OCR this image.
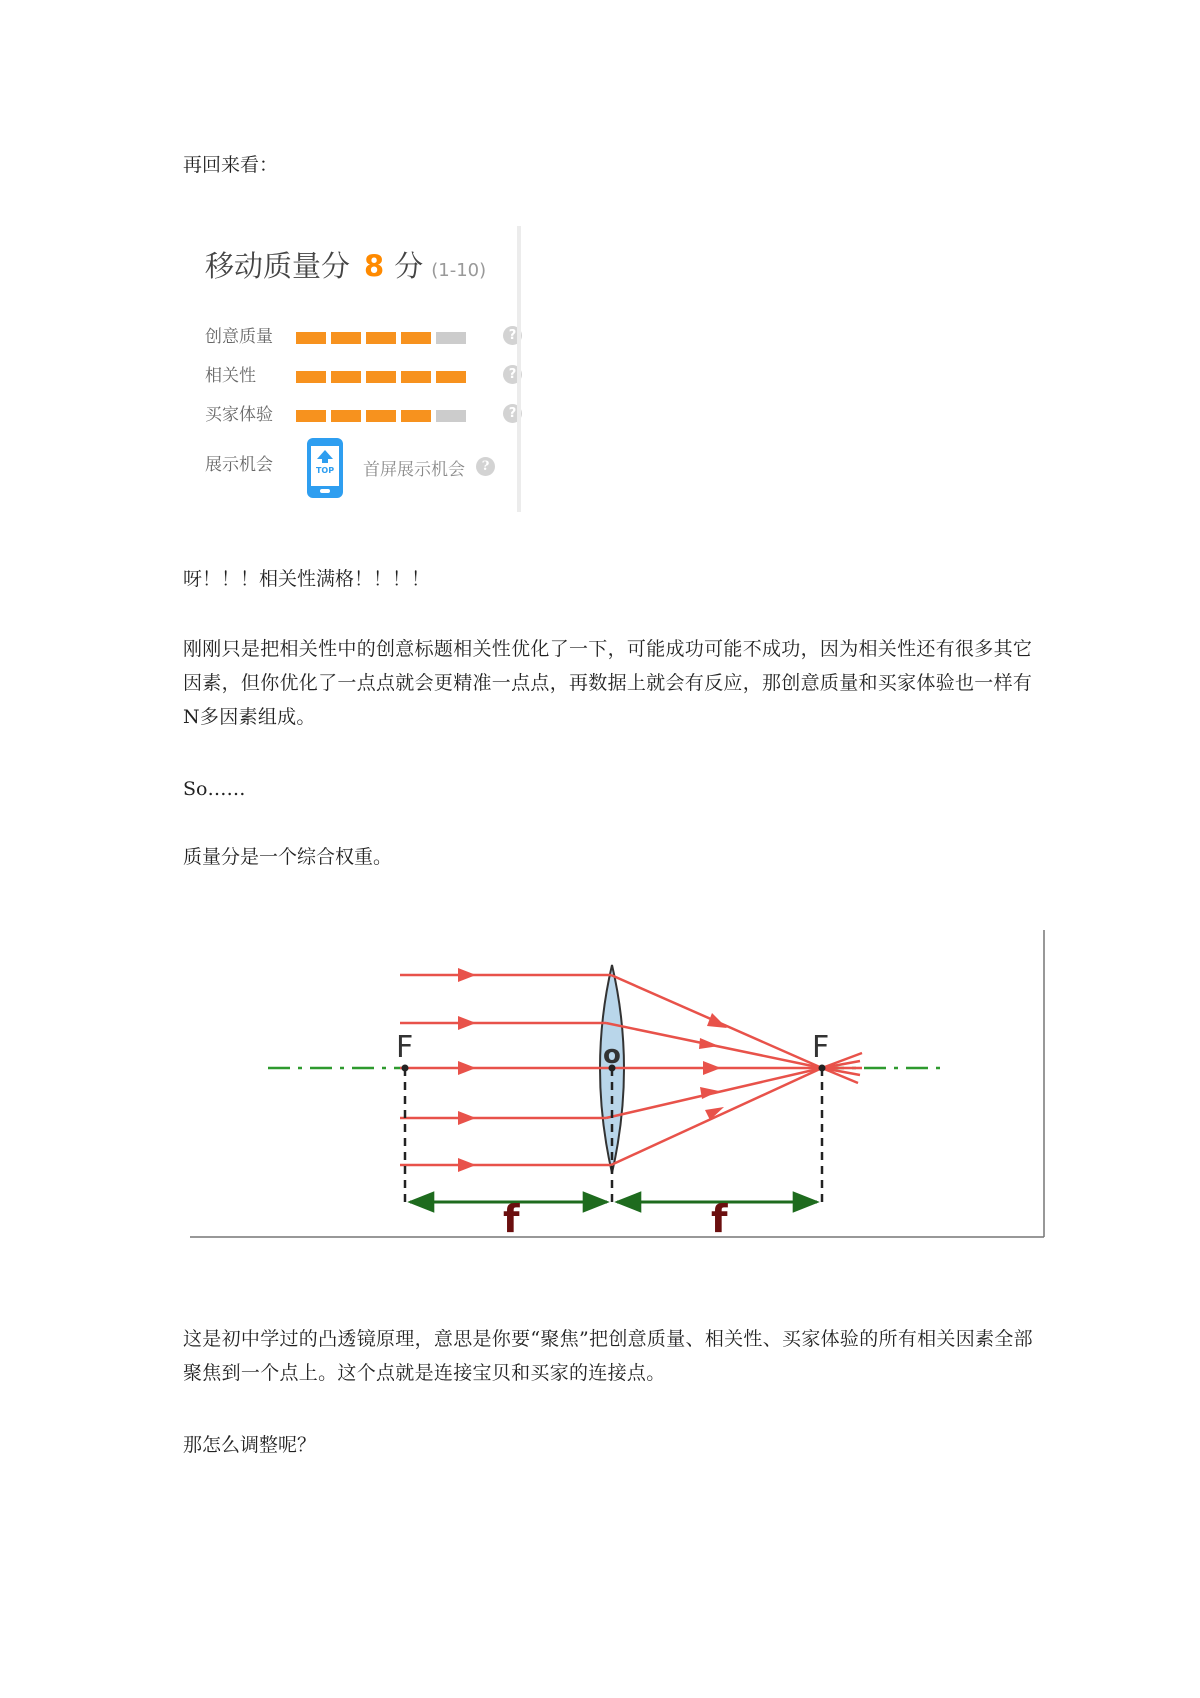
再回来看：

移动质量分 8 分 (1-10)
创意质量	?
相关性	?
买家体验	?
展示机会	TOP 首屏展示机会	?

呀！！！相关性满格！！！！

刚刚只是把相关性中的创意标题相关性优化了一下，可能成功可能不成功，因为相关性还有很多其它因素，但你优化了一点点就会更精准一点点，再数据上就会有反应，那创意质量和买家体验也一样有N多因素组成。

So……

质量分是一个综合权重。

F	o	F
f	f

这是初中学过的凸透镜原理，意思是你要“聚焦”把创意质量、相关性、买家体验的所有相关因素全部聚焦到一个点上。这个点就是连接宝贝和买家的连接点。

那怎么调整呢？
